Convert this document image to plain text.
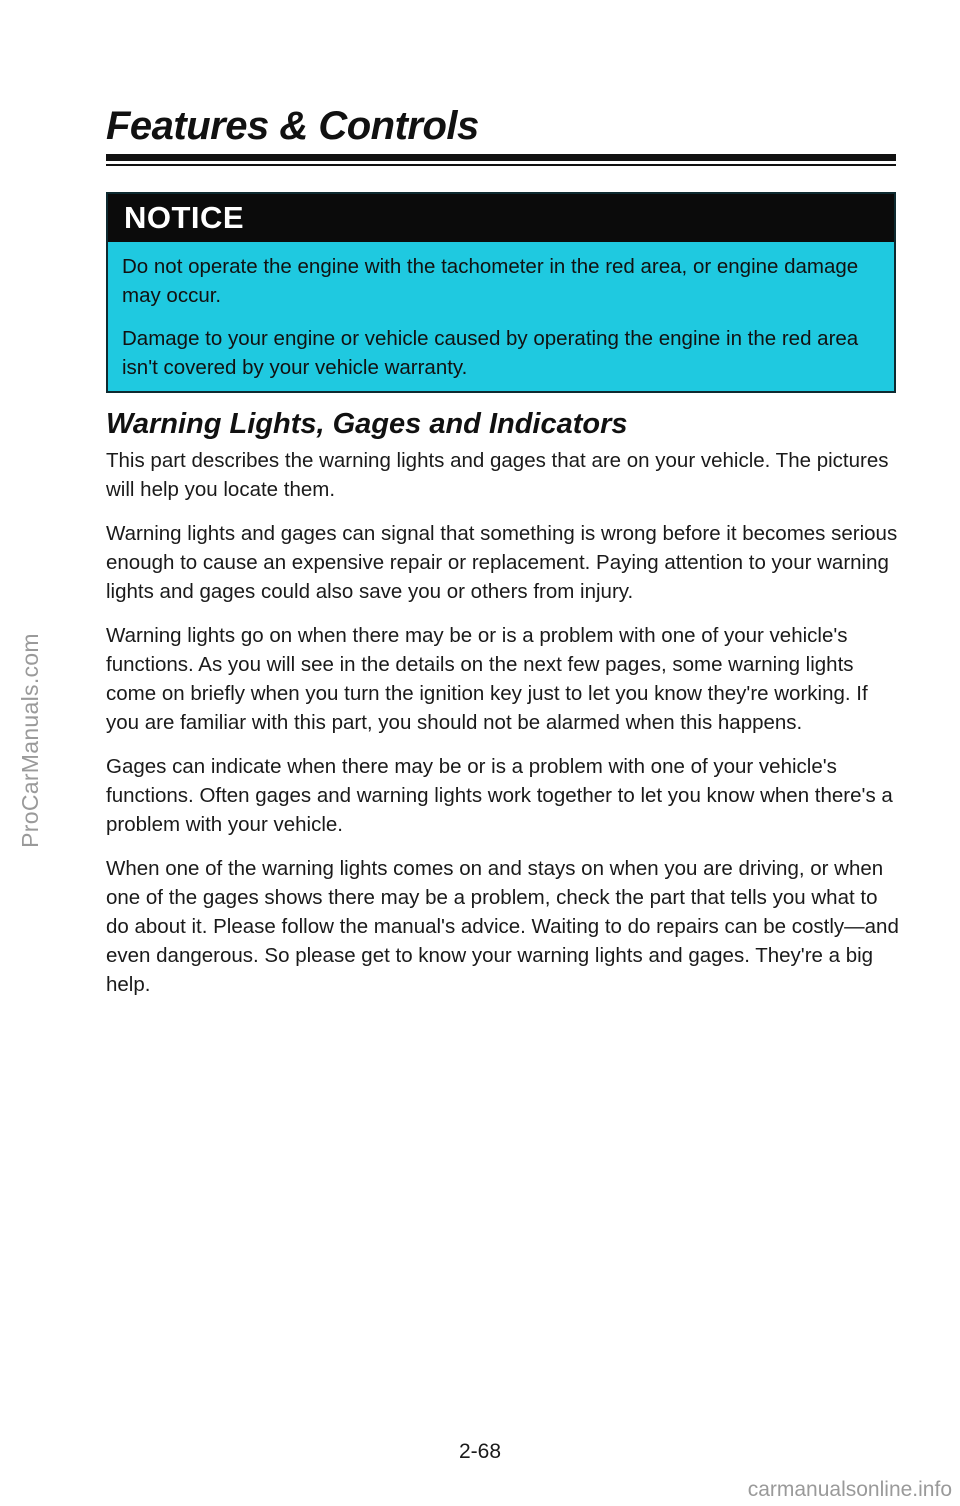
ProCarManuals.com
Features & Controls
NOTICE

Do not operate the engine with the tachometer in the red area, or engine damage may occur.

Damage to your engine or vehicle caused by operating the engine in the red area isn't covered by your vehicle warranty.

Warning Lights, Gages and Indicators

This part describes the warning lights and gages that are on your vehicle. The pictures will help you locate them.

Warning lights and gages can signal that something is wrong before it becomes serious enough to cause an expensive repair or replacement. Paying attention to your warning lights and gages could also save you or others from injury.

Warning lights go on when there may be or is a problem with one of your vehicle's functions. As you will see in the details on the next few pages, some warning lights come on briefly when you turn the ignition key just to let you know they're working. If you are familiar with this part, you should not be alarmed when this happens.

Gages can indicate when there may be or is a problem with one of your vehicle's functions. Often gages and warning lights work together to let you know when there's a problem with your vehicle.

When one of the warning lights comes on and stays on when you are driving, or when one of the gages shows there may be a problem, check the part that tells you what to do about it. Please follow the manual's advice. Waiting to do repairs can be costly—and even dangerous. So please get to know your warning lights and gages. They're a big help.

2-68
carmanualsonline.info
